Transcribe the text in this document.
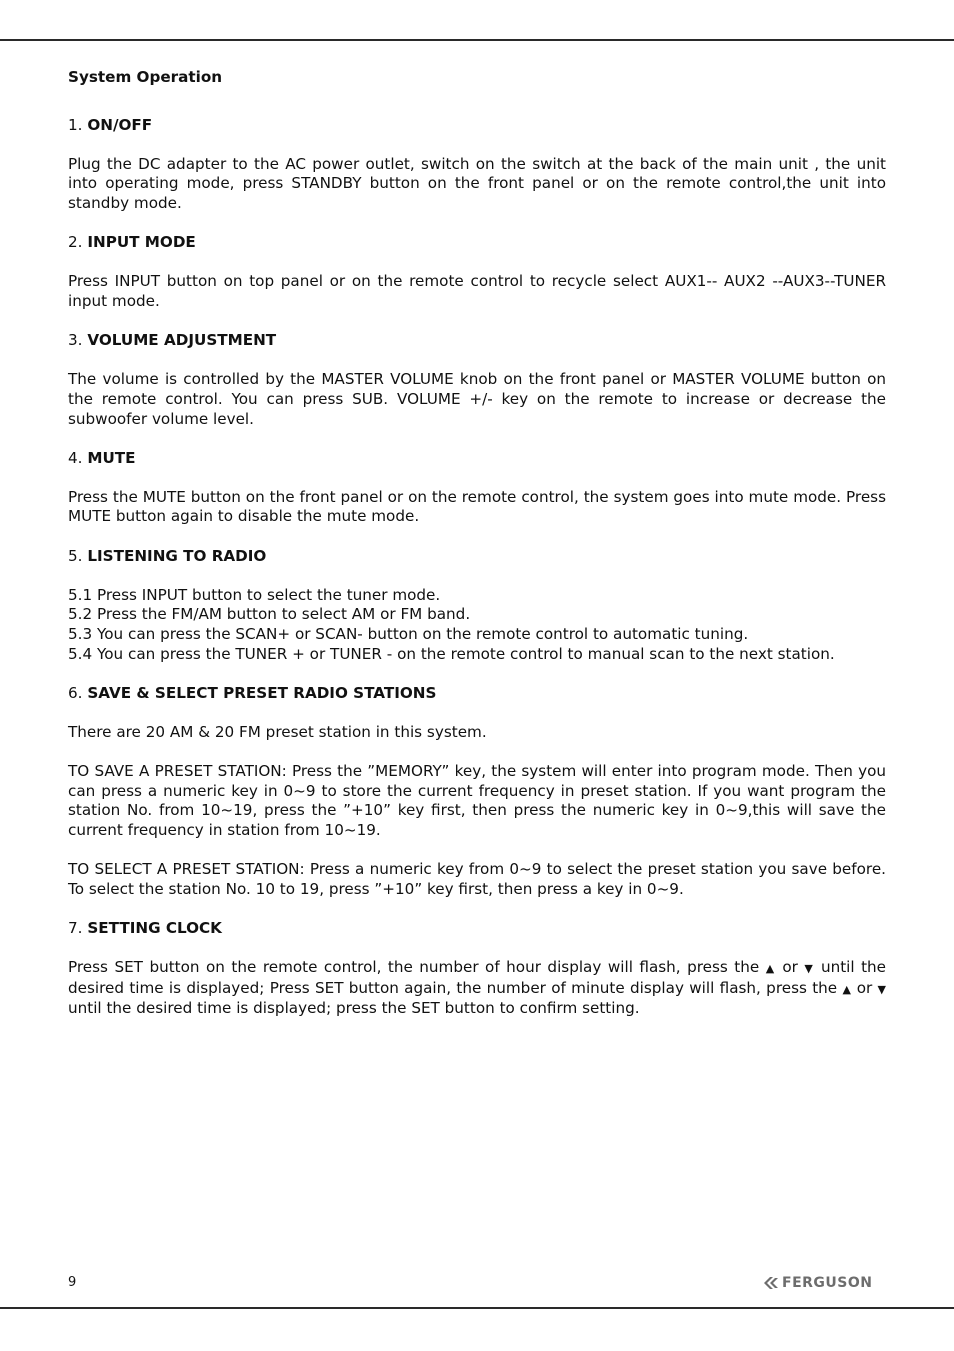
System Operation
1. ON/OFF

Plug the DC adapter to the AC power outlet, switch on the switch at the back of the main unit , the unit into operating mode, press STANDBY button on the front panel or on the remote control,the unit into standby mode.

2. INPUT MODE

Press INPUT button on top panel or on the remote control to recycle select AUX1-- AUX2 --AUX3--TUNER input mode.

3. VOLUME ADJUSTMENT

The volume is controlled by the MASTER VOLUME knob on the front panel or MASTER VOLUME button on the remote control. You can press SUB. VOLUME +/- key on the remote to increase or decrease the subwoofer volume level.

4. MUTE

Press the MUTE button on the front panel or on the remote control, the system goes into mute mode. Press MUTE button again to disable the mute mode.

5. LISTENING TO RADIO

5.1 Press INPUT button to select the tuner mode.

5.2 Press the FM/AM button to select AM or FM band.

5.3 You can press the SCAN+ or SCAN- button on the remote control to automatic tuning.

5.4 You can press the TUNER + or TUNER - on the remote control to manual scan to the next station.

6. SAVE & SELECT PRESET RADIO STATIONS

There are 20 AM & 20 FM preset station in this system.

TO SAVE A PRESET STATION: Press the ”MEMORY” key, the system will enter into program mode. Then you can press a numeric key in 0~9 to store the current frequency in preset station. If you want program the station No. from 10~19, press the ”+10” key first, then press the numeric key in 0~9,this will save the current frequency in station from 10~19.

TO SELECT A PRESET STATION: Press a numeric key from 0~9 to select the preset station you save before. To select the station No. 10 to 19, press ”+10” key first, then press a key in 0~9.

7. SETTING CLOCK

Press SET button on the remote control, the number of hour display will flash, press the ▲ or ▼ until the desired time is displayed; Press SET button again, the number of minute display will flash, press the ▲ or ▼ until the desired time is displayed; press the SET button to confirm setting.

9	FERGUSON
